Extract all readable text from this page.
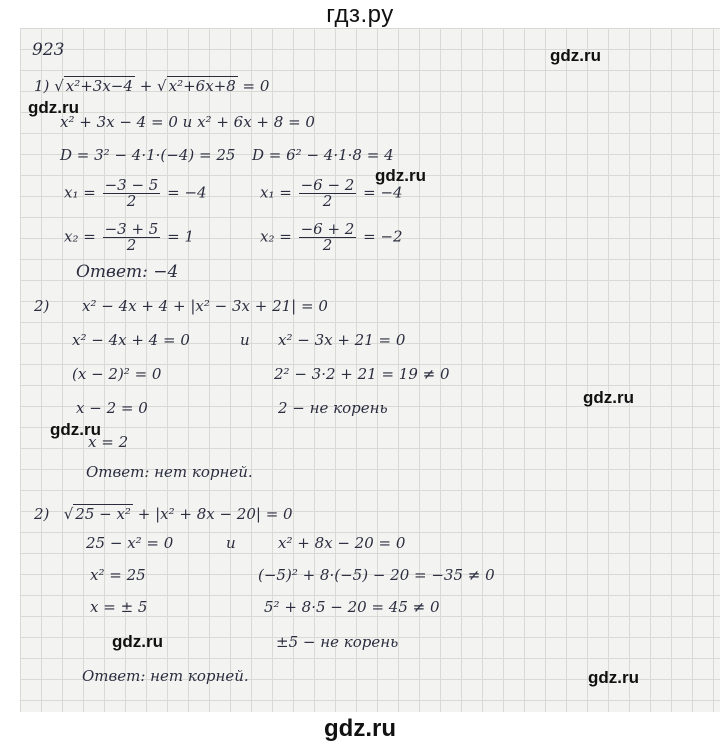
гдз.ру
gdz.ru
gdz.ru
gdz.ru
gdz.ru
gdz.ru
gdz.ru
gdz.ru
923
1) √ x²+3x−4 + √ x²+6x+8 = 0
x² + 3x − 4 = 0 и x² + 6x + 8 = 0
D = 3² − 4·1·(−4) = 25 D = 6² − 4·1·8 = 4
$x_1 = \frac{-3 - 5}{2} = -4$	$x_1 = \frac{-6 - 2}{2} = -4$
$x_2 = \frac{-3 + 5}{2} = 1$	$x_2 = \frac{-6 + 2}{2} = -2$
Ответ: −4
2) x² − 4x + 4 + |x² − 3x + 21| = 0
x² − 4x + 4 = 0	и x² − 3x + 21 = 0
(x − 2)² = 0	2² − 3·2 + 21 = 19 ≠ 0
x − 2 = 0	2 − не корень
x = 2
Ответ: нет корней.
2) √ 25 − x² + |x² + 8x − 20| = 0
25 − x² = 0	и	x² + 8x − 20 = 0
x² = 25	(−5)² + 8·(−5) − 20 = −35 ≠ 0
x = ± 5	5² + 8·5 − 20 = 45 ≠ 0
±5 − не корень
Ответ: нет корней.
gdz.ru
